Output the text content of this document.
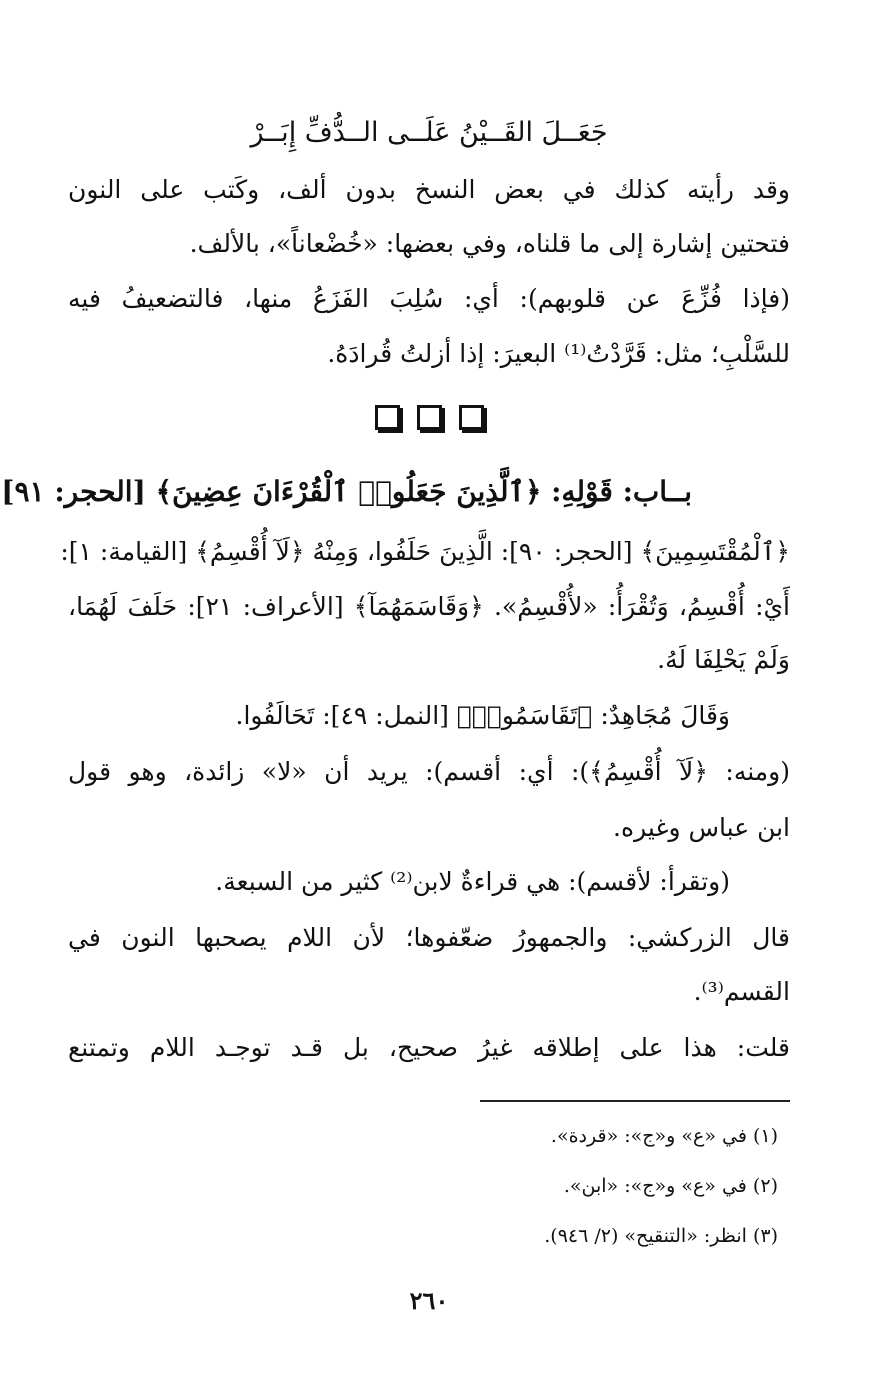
جَعَــلَ القَــيْنُ عَلَــى الــدُّفِّ إِبَــرْ
وقد رأيته كذلك في بعض النسخ بدون ألف، وكَتب على النون
فتحتين إشارة إلى ما قلناه، وفي بعضها: «خُضْعاناً»، بالألف.
(فإذا فُزِّعَ عن قلوبهم): أي: سُلِبَ الفَزَعُ منها، فالتضعيفُ فيه
للسَّلْبِ؛ مثل: قَرَّدْتُ⁽¹⁾ البعيرَ: إذا أزلتُ قُرادَهُ.
بــاب: قَوْلِهِ: ﴿ٱلَّذِينَ جَعَلُوا۟ ٱلْقُرْءَانَ عِضِينَ﴾ [الحجر: ٩١]
﴿ٱلْمُقْتَسِمِينَ﴾ [الحجر: ٩٠]: الَّذِينَ حَلَفُوا، وَمِنْهُ ﴿لَآ أُقْسِمُ﴾ [القيامة: ١]:
أَيْ: أُقْسِمُ، وَتُقْرَأُ: «لأُقْسِمُ». ﴿وَقَاسَمَهُمَآ﴾ [الأعراف: ٢١]: حَلَفَ لَهُمَا،
وَلَمْ يَحْلِفَا لَهُ.
وَقَالَ مُجَاهِدٌ: ﴿تَقَاسَمُوا۟﴾ [النمل: ٤٩]: تَحَالَفُوا.
(ومنه: ﴿لَآ أُقْسِمُ﴾): أي: أقسم): يريد أن «لا» زائدة، وهو قول
ابن عباس وغيره.
(وتقرأ: لأقسم): هي قراءةٌ لابن⁽²⁾ كثير من السبعة.
قال الزركشي: والجمهورُ ضعّفوها؛ لأن اللام يصحبها النون في
القسم⁽³⁾.
قلت: هذا على إطلاقه غيرُ صحيح، بل قـد توجـد اللام وتمتنع
(١) في «ع» و«ج»: «قردة».
(٢) في «ع» و«ج»: «ابن».
(٣) انظر: «التنقيح» (٢/ ٩٤٦).
٢٦٠
